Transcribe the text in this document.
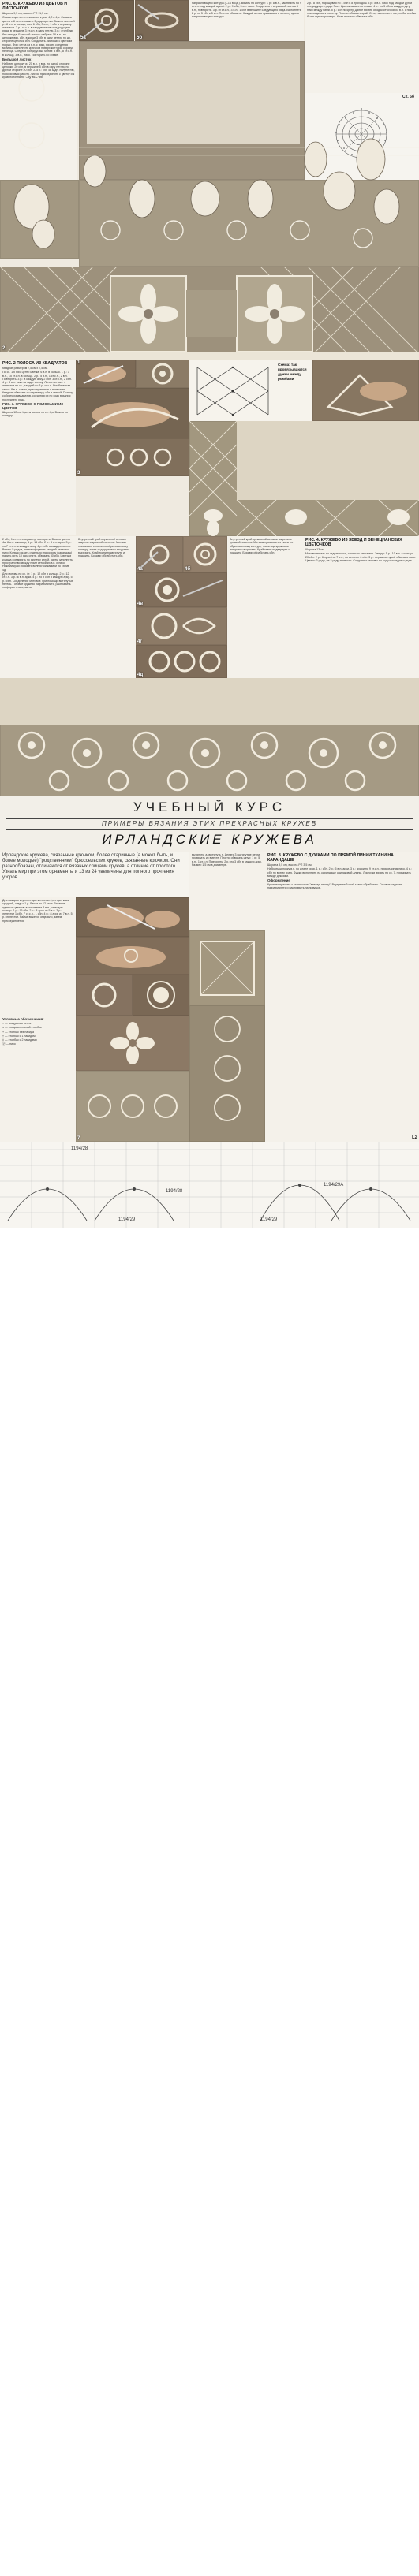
РИС. 6. КРУЖЕВО ИЗ ЦВЕТОВ И ЛИСТОЧКОВ

Ширина 9,5 см; высота РП 11,5 см.

Связать цветы по описанию к рис. 4,б и 4,в. Связать цветы с 8 лепестками и 2 ряда цветка. Вязать листок 1 р.: 8 в.п. в кольцо, вяз. 6 сбн, 3 в.п., 1 сбн в вершину листочка. 2 р.: ст.с.н. в каждую петлю предыдущего ряда, в вершине 3 ст.с.н. в одну петлю. 3 р.: столбики без накида. Большой листок: набрать 18 в.п., по цепочке вяз. сбн, в конце 3 сбн в одну петлю, по др. стороне цепочки сбн. Соединить листочки с цветами по рис. Фон: сетка из в.п. с пико, вязать соединяя мотивы. Выполнить крючком поверх контура, образуя переход. Средний полукруглый мотив: 3 в.п., 8 ст.с.н., в кольцо, 3 в.п., пико. Повторить по схеме.

Большой листок

Набрать цепочку из 21 в.п. и вяз. по одной стороне цепочки: 20 сбн, в вершине 5 сбн в одну петлю, по другой стороне 20 сбн. 2–5 р.: сбн за задн. полупетлю, поворачивая работу. Листок присоединить к цветку и к краю полотна по ходу вязания.

5а	5б

направляющего контура (I–16 вход.). Вязать по контуру: 1 р.: 8 в.п., заключить по 9 ст.с.н. над каждой аркой. 2 р.: 9 сбн, 3 в.п. пико. Соединить с вершиной листка 4 в.п., повторить. 3 р.: 9 ст.с.н., 3 в.п., 1 сбн в вершину следующего ряда. Выполнить 2 р. по 5 сбн и 5 в.п. Плотно обвязать. Каждый мотив пришивать к полотну вдоль направляющего контура.

2 р.: 8 сбн, наращивая по 1 сбн в 8 проходом. 3 р.: 8 в.п. пико над каждой дугой предыдущего ряда. Рост. Цветок вязать по схеме. 4 р.: по 5 сбн в каждую дугу, пико между ними. 5 р.: сбн по кругу. Далее вязать ободок сеточкой из в.п. с пико, присоединяя к полотну. Плотно обвязать край. Сетку выполнить так, чтобы ячейки были одного размера. Края полотна обвязать сбн.

Сх. 6б
2

РИС. 2 ПОЛОСА ИЗ КВАДРАТОВ

Квадрат размером 7,5 см х 7,5 см.

По сх. 1,б вяз. центр цветка: 6 в.п. в кольцо. 1 р.: 3 в.п., 15 ст.с.н. в кольцо. 2 р.: 5 в.п., 1 ст.с.н., 2 в.п. Повторять. 3 р.: в каждую арку 2 сбн, 3 ст.с.н., 2 сбн. 4 р.: 4 в.п. пико за задн. стенку. Лепестки: вяз. 4 лепестка по сх., каждый по 3 р. ст.с.н. Ромбическая сетка: 8 в.п. с пико, присоединение к лепесткам. Квадрат обвязать по периметру сбн и сеткой. Полосу собрать из квадратов, соединяя их по ходу вязания последнего ряда.

РИС. 3. КРУЖЕВО С ПОЛОСАМИ ИЗ ЦВЕТОВ

Ширина 12 см. Цветы вязать по сх. 4,а. Вязать по контуру.

1
3
Схема: так провязываются дужки между ромбами

2 сбн, 1 ст.с.н. в вершину, повторить. Вязать цветок 4а: 8 в.п. в кольцо, 1 р.: 16 сбн. 2 р.: 5 в.п. арки. 3 р.: по 7 ст.с.н. в каждую арку. 4 р.: сбн в каждую петлю. Вязать 5 рядов, затем оформить каждый лепесток пико. Кольцо вязать отдельно: на основу (карандаш) навить нить 10 раз, снять, обвязать 30 сбн. Цветы и кольца соединять по рисунку иглой, затем заполнять пространство между ними сеткой из в.п. и пико. Нижний край обвязать волнистой каймой по схеме 4д.

Для мотива по сх. 4г: 1 р.: 12 сбн в кольцо. 2 р.: 12 ст.с.н. 3 р.: 6 в.п. арки. 4 р.: по 9 сбн в каждую арку. 5 р.: сбн. Соединение мотивов: при помощи вытянутых петель. Готовое кружево накрахмалить, расправить по форме и высушить.

Внутренний край кружевной вставки закрепить кромкой полотна. Мотивы пришивать к ткани по обрисованному контуру, ткань под кружевом аккуратно вырезать. Край ткани подвернуть и подшить. Бордюр обработать сбн.

4а	4б
4в
4г
4д

Внутренний край кружевной вставки закрепить кромкой полотна. Мотивы пришивать к ткани по обрисованному контуру, ткань под кружевом аккуратно вырезать. Край ткани подвернуть и подшить. Бордюр обработать сбн.

РИС. 4. КРУЖЕВО ИЗ ЗВЕЗД И ВЕНЕЦИАНСКИХ ЦВЕТОЧКОВ

Ширина 13 см.

Мотивы вязать по отдельности, согласно описанию. Звезда: 1 р.: 10 в.п. в кольцо, 20 сбн. 2 р.: 6 лучей из 7 в.п., по цепочке 6 сбн. 3 р.: вершины лучей обвязать пико. Цветок: 3 ряда, на 2 ряду лепестки. Соединять мотивы по ходу последнего ряда.

УЧЕБНЫЙ КУРС
ПРИМЕРЫ ВЯЗАНИЯ ЭТИХ ПРЕКРАСНЫХ КРУЖЕВ
ИРЛАНДСКИЕ КРУЖЕВА

Ирландские кружева, связанные крючком, более старинные (а может быть, и более молодые) "родственники" брюссельских кружев, связанные крючком. Они разнообразны, отличаются от вязаных спицами кружев, а отличие от простого... Узнать мир при этом орнаменты и 13 из 24 увеличены для полного прочтения узоров.

Для каждого крупного цветка схема 4,а с цветками средний, шнур с 1 р. Вести по 12 стол. Вязание крупных цветков: в основании 8 в.п., замкнуть кольцо. 1 р.: 16 сбн. 2 р.: 8 арок из 5 в.п. 3 р.: лепестки 1 сбн, 7 ст.с.н., 1 сбн. 4 р.: 8 арок из 7 в.п. 5 р.: лепестки. Кайма вяжется отдельно, затем присоединяется.

Условные обозначения:

○ — воздушная петля

● — соединительный столбик

+ — столбик без накида

† — столбик с 1 накидом

‡ — столбик с 2 накидами

ⓟ — пико

7

вытянуть, а, вытянуть п. Делать 3 вытянутые петли, провязать их вместе. Плотно обвязать шнур: 1 р.: 5 в.п., 1 ст.с.н. Повторить. 2 р.: по 3 сбн в каждую арку. Размер 1,5 см в диаметре.

РИС. 8. КРУЖЕВО С ДУЖКАМИ ПО ПРЯМОЙ ЛИНИИ ТКАНИ НА КАРАНДАШЕ

Ширина 9,5 см, высота РП 3,5 см.

Набрать цепочку в.п. по длине края. 1 р.: сбн. 2 р.: 5 в.п. арки. 3 р.: дужки по 9 ст.с.н., присоединяя пико. 4 р.: сбн по всему краю. Дужки выполнять на карандаше одинаковой длины. Листочки вязать по сх. 7, пришивать между дужками.

Оформление

Кружево пришить к ткани швом "вперед иголку". Внутренний край ткани обработать. Готовое изделие накрахмалить и расправить на подушке.

L2
1194/28
1194/29
1194/28
1194/29A
1194/29
